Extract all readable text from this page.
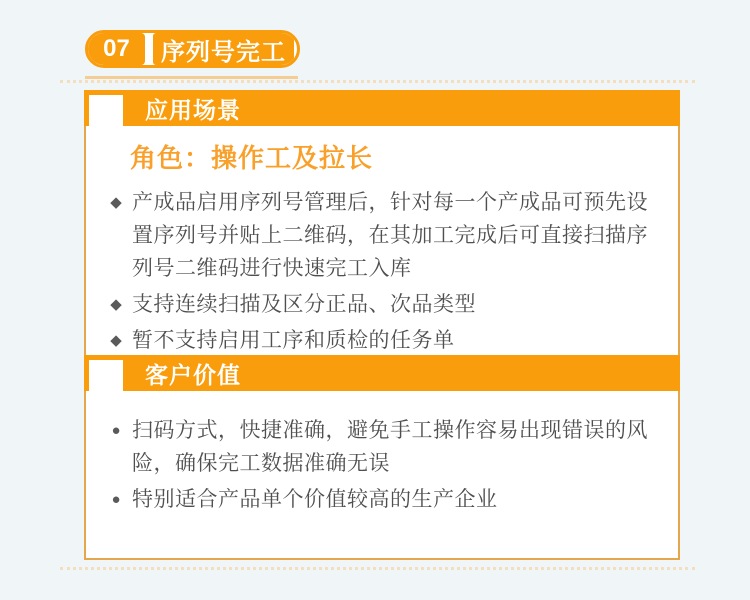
07	序列号完工
应用场景
角色：操作工及拉长
◆ 产成品启用序列号管理后，针对每一个产成品可预先设置序列号并贴上二维码，在其加工完成后可直接扫描序列号二维码进行快速完工入库
◆ 支持连续扫描及区分正品、次品类型
◆ 暂不支持启用工序和质检的任务单
客户价值
● 扫码方式，快捷准确，避免手工操作容易出现错误的风险，确保完工数据准确无误
● 特别适合产品单个价值较高的生产企业
